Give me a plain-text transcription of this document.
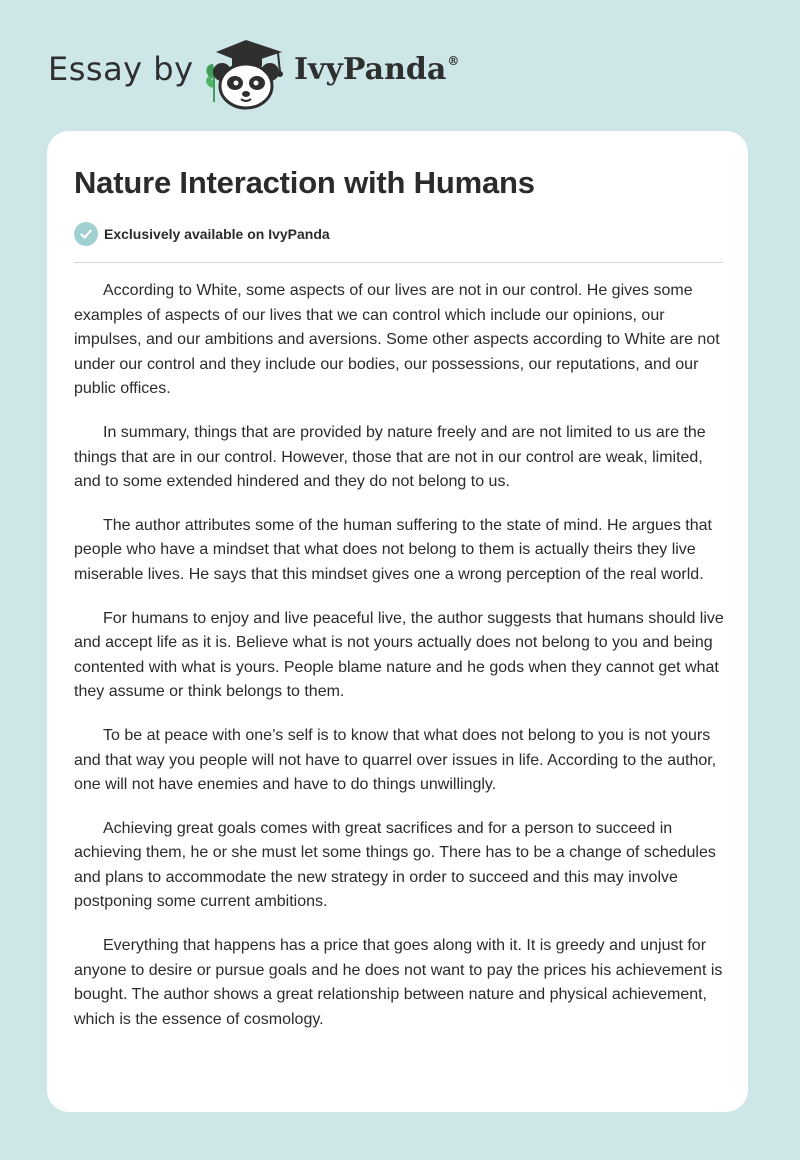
Essay by	IvyPanda®
Nature Interaction with Humans
Exclusively available on IvyPanda

According to White, some aspects of our lives are not in our control. He gives some examples of aspects of our lives that we can control which include our opinions, our impulses, and our ambitions and aversions. Some other aspects according to White are not under our control and they include our bodies, our possessions, our reputations, and our public offices.

In summary, things that are provided by nature freely and are not limited to us are the things that are in our control. However, those that are not in our control are weak, limited, and to some extended hindered and they do not belong to us.

The author attributes some of the human suffering to the state of mind. He argues that people who have a mindset that what does not belong to them is actually theirs they live miserable lives. He says that this mindset gives one a wrong perception of the real world.

For humans to enjoy and live peaceful live, the author suggests that humans should live and accept life as it is. Believe what is not yours actually does not belong to you and being contented with what is yours. People blame nature and he gods when they cannot get what they assume or think belongs to them.

To be at peace with one’s self is to know that what does not belong to you is not yours and that way you people will not have to quarrel over issues in life. According to the author, one will not have enemies and have to do things unwillingly.

Achieving great goals comes with great sacrifices and for a person to succeed in achieving them, he or she must let some things go. There has to be a change of schedules and plans to accommodate the new strategy in order to succeed and this may involve postponing some current ambitions.

Everything that happens has a price that goes along with it. It is greedy and unjust for anyone to desire or pursue goals and he does not want to pay the prices his achievement is bought. The author shows a great relationship between nature and physical achievement, which is the essence of cosmology.
